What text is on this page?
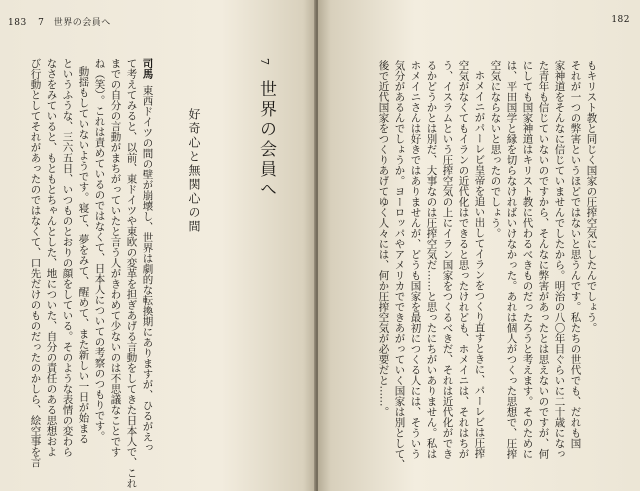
183 7　世界の会員へ
7
世界の会員へ
好奇心と無関心の間
司馬東西ドイツの間の壁が崩壊し、世界は劇的な転換期にありますが、ひるがえっ
て考えてみると、以前、東ドイツや東欧の変革を担ぎあげる言動をしてきた日本人で、これ
までの自分の言動がまちがっていたと言う人がきわめて少ないのは不思議なことです
ね（笑）。これは責めているのではなくて、日本人についての考察のつもりです。
動揺もしていないようです。寝て、夢をみて、醒めて、また新しい一日が始まる
というふうな、三六五日、いつものとおりの顔をしている。そのような表情の変わら
なさをみていると、もともとちゃんとした、地についた、自分の責任のある思想およ
び行動としてそれがあったのではなくて、口先だけのものだったのかしら、絵空事を言
182
もキリスト教と同じく国家の圧搾空気にしたんでしょう。
それが一つの弊害というほどではないと思うんです。私たちの世代でも、だれも国
家神道をそんなに信じていませんでしたから。明治の八〇年目ぐらいに二十歳になっ
た青年も信じていないのですから、そんなに弊害があったとは思えないのですが、何
にしても国家神道はキリスト教に代わるべきものだったろうと考えます。そのために
は、平田国学と縁を切らなければいけなかった。あれは個人がつくった思想で、圧搾
空気にならないと思ったのでしょう。
ホメイニがパーレビ皇帝を追い出してイランをつくり直すときに、パーレビは圧搾
空気がなくてもイランの近代化はできると思ったけれども、ホメイニは、それはちが
う、イスラムという圧搾空気の上にイラン国家をつくるべきだ、それは近代化ができ
るかどうかとは別だ、大事なのは圧搾空気だ……と思ったにちがいありません。私は
ホメイニさんは好きではありませんが、どうも国家を最初につくる人には、そういう
気分があるんでしょうか。ヨーロッパやアメリカでできあがっていく国家は別として、
後で近代国家をつくりあげてゆく人々には、何か圧搾空気が必要だと……。
